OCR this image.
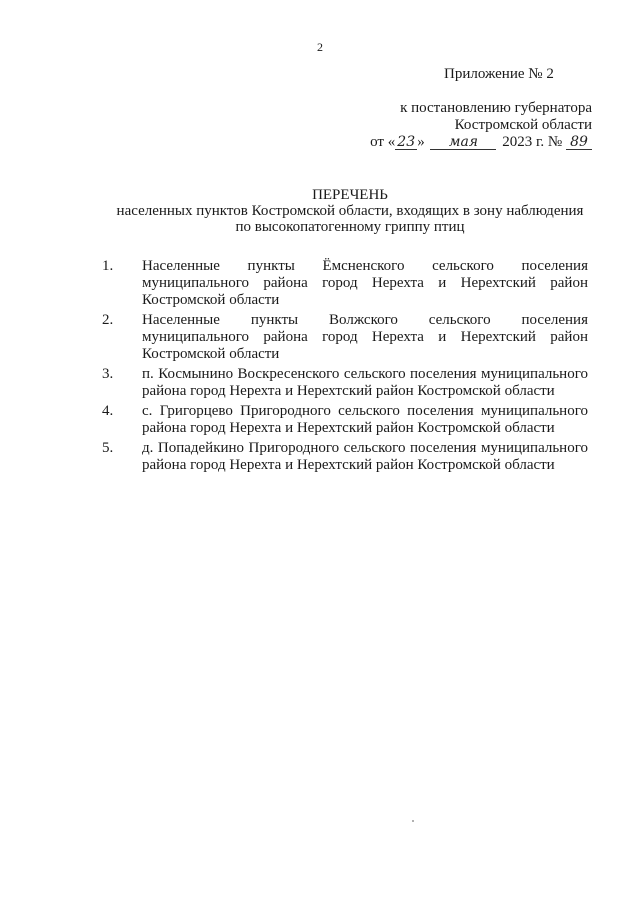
2
Приложение № 2
к постановлению губернатора
Костромской области
от « 23 » мая 2023 г. № 89
ПЕРЕЧЕНЬ
населенных пунктов Костромской области, входящих в зону наблюдения
по высокопатогенному гриппу птиц
1.	Населенные пункты Ёмсненского сельского поселения муниципального района город Нерехта и Нерехтский район Костромской области
2.	Населенные пункты Волжского сельского поселения муниципального района город Нерехта и Нерехтский район Костромской области
3.	п. Космынино Воскресенского сельского поселения муниципального района город Нерехта и Нерехтский район Костромской области
4.	с. Григорцево Пригородного сельского поселения муниципального района город Нерехта и Нерехтский район Костромской области
5.	д. Попадейкино Пригородного сельского поселения муниципального района город Нерехта и Нерехтский район Костромской области
